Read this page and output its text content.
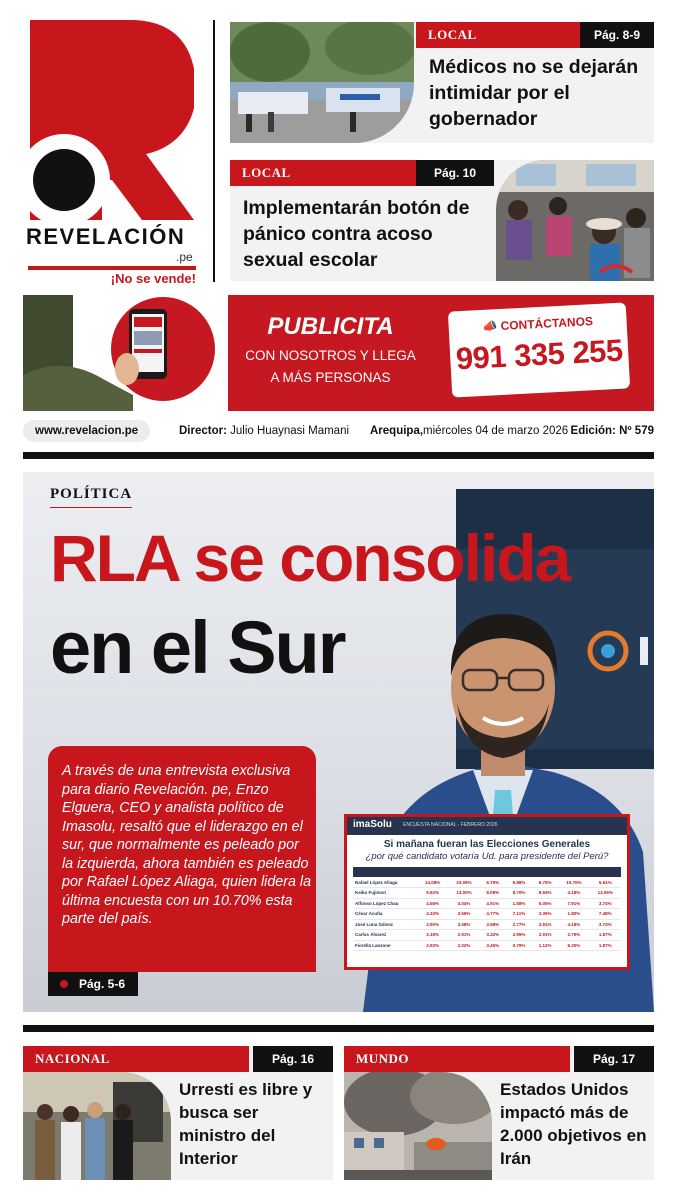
REVELACIÓN
.pe
¡No se vende!
LOCAL	Pág. 8-9
Médicos no se dejarán intimidar por el gobernador
LOCAL	Pág. 10
Implementarán botón de pánico contra acoso sexual escolar
PUBLICITA
CON NOSOTROS Y LLEGA
A MÁS PERSONAS
📣 CONTÁCTANOS
991 335 255
www.revelacion.pe	Director: Julio Huaynasi Mamani Arequipa,miércoles 04 de marzo 2026 Edición: Nº 579
POLÍTICA
RLA se consolida
en el Sur
A través de una entrevista exclusiva para diario Revelación. pe, Enzo Elguera, CEO y analista político de Imasolu, resaltó que el liderazgo en el sur, que normalmente es peleado por la izquierda, ahora también es peleado por Rafael López Aliaga, quien lidera la última encuesta con un 10.70% esta parte del país.
Pág. 5-6
imaSolu ENCUESTA NACIONAL - FEBRERO 2026
Si mañana fueran las Elecciones Generales
¿por qué candidato votaría Ud. para presidente del Perú?

Rafael López Aliaga	14.08%	23.09%	6.75%	9.88%	6.70%	10.70%	5.61%
Keiko Fujimori	9.92%	13.00%	8.09%	8.70%	8.94%	4.18%	13.06%
Alfonso López Chau	4.55%	4.04%	4.91%	1.58%	5.05%	7.91%	3.74%
César Acuña	4.33%	3.59%	4.77%	7.11%	3.35%	1.80%	7.48%
José Luna Gálvez	3.90%	3.58%	3.98%	2.77%	2.91%	4.18%	3.74%
Carlos Álvarez	3.18%	2.91%	3.32%	3.95%	2.91%	2.79%	1.87%
Fiorella Lanzone	2.92%	2.02%	3.45%	0.79%	1.12%	9.30%	1.87%
NACIONAL	Pág. 16
Urresti es libre y busca ser ministro del Interior
MUNDO	Pág. 17
Estados Unidos impactó más de 2.000 objetivos en Irán
